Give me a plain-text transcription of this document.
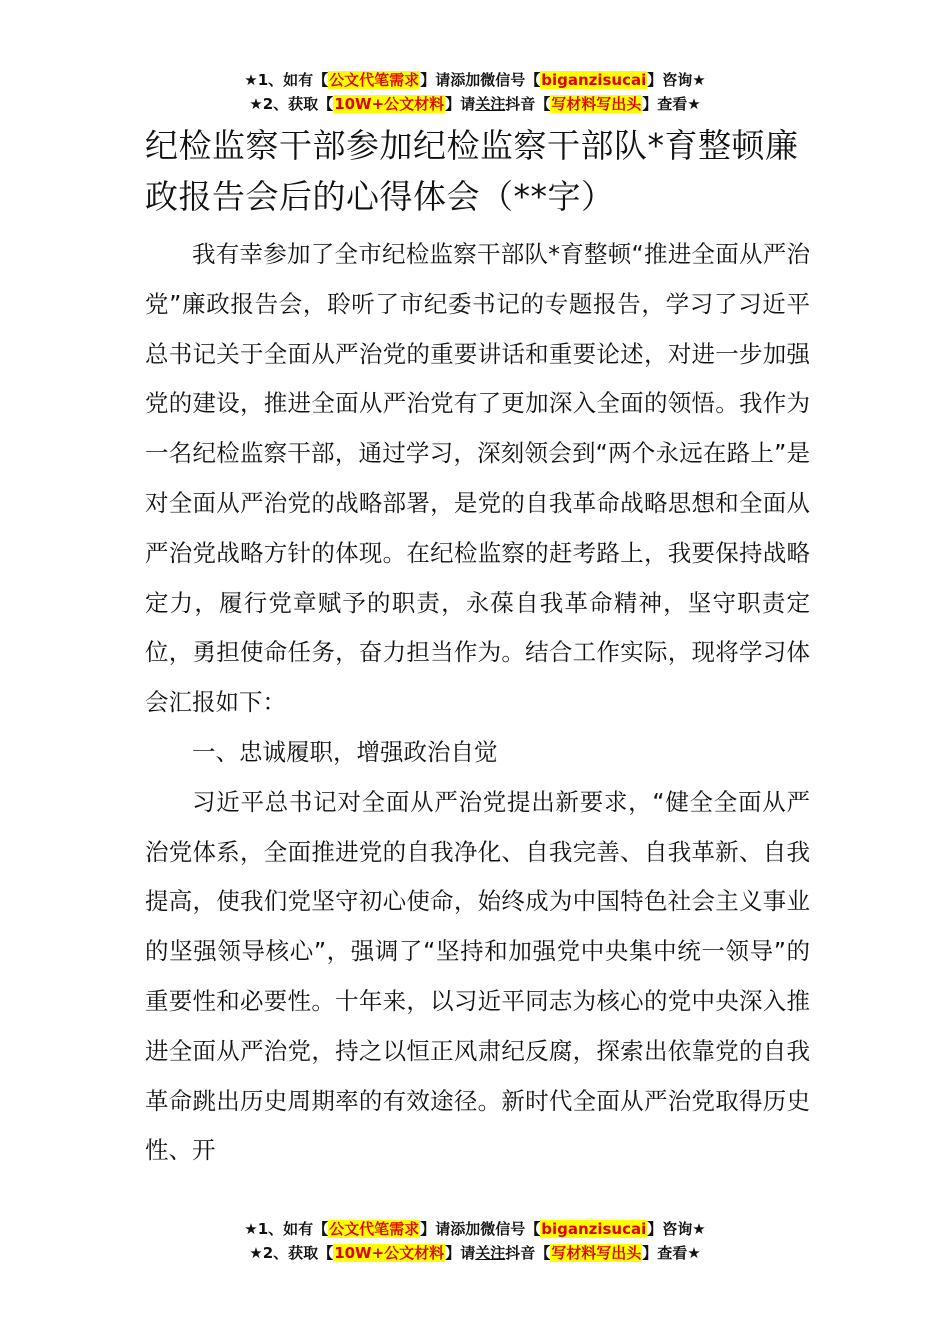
★1、如有【公文代笔需求】请添加微信号【biganzisucai】咨询★
★2、获取【10W+公文材料】请关注抖音【写材料写出头】查看★
纪检监察干部参加纪检监察干部队*育整顿廉政报告会后的心得体会（**字）

我有幸参加了全市纪检监察干部队*育整顿“推进全面从严治党”廉政报告会，聆听了市纪委书记的专题报告，学习了习近平总书记关于全面从严治党的重要讲话和重要论述，对进一步加强党的建设，推进全面从严治党有了更加深入全面的领悟。我作为一名纪检监察干部，通过学习，深刻领会到“两个永远在路上”是对全面从严治党的战略部署，是党的自我革命战略思想和全面从严治党战略方针的体现。在纪检监察的赶考路上，我要保持战略定力，履行党章赋予的职责，永葆自我革命精神，坚守职责定位，勇担使命任务，奋力担当作为。结合工作实际，现将学习体会汇报如下：

一、忠诚履职，增强政治自觉

习近平总书记对全面从严治党提出新要求，“健全全面从严治党体系，全面推进党的自我净化、自我完善、自我革新、自我提高，使我们党坚守初心使命，始终成为中国特色社会主义事业的坚强领导核心”，强调了“坚持和加强党中央集中统一领导”的重要性和必要性。十年来，以习近平同志为核心的党中央深入推进全面从严治党，持之以恒正风肃纪反腐，探索出依靠党的自我革命跳出历史周期率的有效途径。新时代全面从严治党取得历史性、开

★1、如有【公文代笔需求】请添加微信号【biganzisucai】咨询★
★2、获取【10W+公文材料】请关注抖音【写材料写出头】查看★
